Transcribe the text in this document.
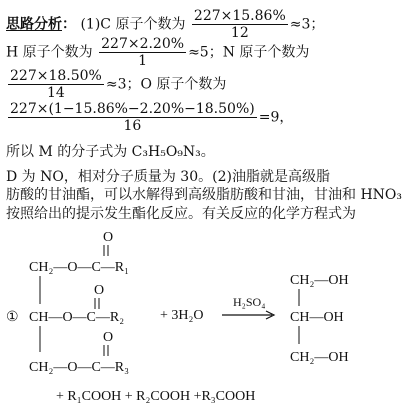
思路分析： (1)C 原子个数为 $\frac{227\times 15.86\%}{12} \approx 3$；
H 原子个数为 $\frac{227\times 2.20\%}{1} \approx 5$；N 原子个数为
$\frac{227\times 18.50\%}{14} \approx 3$；O 原子个数为
$\frac{227\times(1-15.86\%-2.20\%-18.50\%)}{16} =9$，
所以 M 的分子式为 C₃H₅O₉N₃。
D 为 NO，相对分子质量为 30。(2)油脂就是高级脂
肪酸的甘油酯，可以水解得到高级脂肪酸和甘油，甘油和 HNO₃
按照给出的提示发生酯化反应。有关反应的化学方程式为
O
CH₂—O—C—R₁
O
① CH—O—C—R₂
O
CH₂—O—C—R₃
+ 3H₂O
H₂SO₄
CH₂—OH
CH—OH
CH₂—OH
+ R₁COOH + R₂COOH +R₃COOH
